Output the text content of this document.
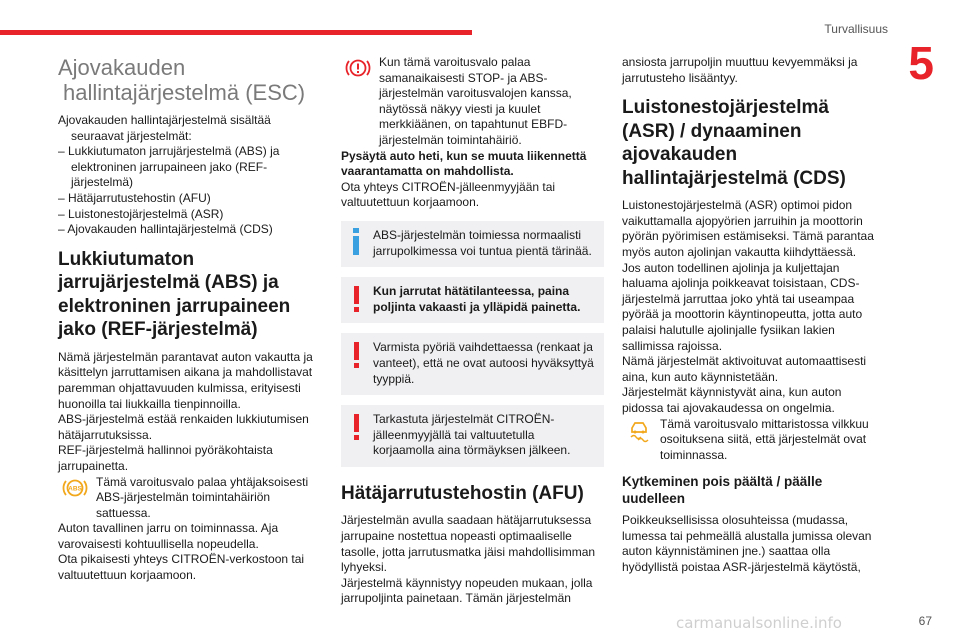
Turvallisuus
5
Ajovakauden
hallintajärjestelmä (ESC)

Ajovakauden hallintajärjestelmä sisältää seuraavat järjestelmät:

– Lukkiutumaton jarrujärjestelmä (ABS) ja elektroninen jarrupaineen jako (REF-järjestelmä)

– Hätäjarrutustehostin (AFU)

– Luistonestojärjestelmä (ASR)

– Ajovakauden hallintajärjestelmä (CDS)

Lukkiutumaton
jarrujärjestelmä (ABS) ja
elektroninen jarrupaineen
jako (REF-järjestelmä)

Nämä järjestelmän parantavat auton vakautta ja käsittelyn jarruttamisen aikana ja mahdollistavat paremman ohjattavuuden kulmissa, erityisesti huonoilla tai liukkailla tienpinnoilla.

ABS-järjestelmä estää renkaiden lukkiutumisen hätäjarrutuksissa.

REF-järjestelmä hallinnoi pyöräkohtaista jarrupainetta.

ABS Tämä varoitusvalo palaa yhtäjaksoisesti ABS-järjestelmän toimintahäiriön sattuessa.

Auton tavallinen jarru on toiminnassa. Aja varovaisesti kohtuullisella nopeudella.

Ota pikaisesti yhteys CITROËN-verkostoon tai valtuutettuun korjaamoon.

Kun tämä varoitusvalo palaa samanaikaisesti STOP- ja ABS-järjestelmän varoitusvalojen kanssa, näytössä näkyy viesti ja kuulet merkkiäänen, on tapahtunut EBFD-järjestelmän toimintahäiriö.

Pysäytä auto heti, kun se muuta liikennettä vaarantamatta on mahdollista.

Ota yhteys CITROËN-jälleenmyyjään tai valtuutettuun korjaamoon.

ABS-järjestelmän toimiessa normaalisti jarrupolkimessa voi tuntua pientä tärinää.
Kun jarrutat hätätilanteessa, paina poljinta vakaasti ja ylläpidä painetta.
Varmista pyöriä vaihdettaessa (renkaat ja vanteet), että ne ovat autoosi hyväksyttyä tyyppiä.
Tarkastuta järjestelmät CITROËN-jälleenmyyjällä tai valtuutetulla korjaamolla aina törmäyksen jälkeen.
Hätäjarrutustehostin (AFU)

Järjestelmän avulla saadaan hätäjarrutuksessa jarrupaine nostettua nopeasti optimaaliselle tasolle, jotta jarrutusmatka jäisi mahdollisimman lyhyeksi.

Järjestelmä käynnistyy nopeuden mukaan, jolla jarrupoljinta painetaan. Tämän järjestelmän

ansiosta jarrupoljin muuttuu kevyemmäksi ja jarrutusteho lisääntyy.

Luistonestojärjestelmä
(ASR) / dynaaminen
ajovakauden
hallintajärjestelmä (CDS)

Luistonestojärjestelmä (ASR) optimoi pidon vaikuttamalla ajopyörien jarruihin ja moottorin pyörän pyörimisen estämiseksi. Tämä parantaa myös auton ajolinjan vakautta kiihdyttäessä.

Jos auton todellinen ajolinja ja kuljettajan haluama ajolinja poikkeavat toisistaan, CDS-järjestelmä jarruttaa joko yhtä tai useampaa pyörää ja moottorin käyntinopeutta, jotta auto palaisi halutulle ajolinjalle fysiikan lakien sallimissa rajoissa.

Nämä järjestelmät aktivoituvat automaattisesti aina, kun auto käynnistetään.

Järjestelmät käynnistyvät aina, kun auton pidossa tai ajovakaudessa on ongelmia.

Tämä varoitusvalo mittaristossa vilkkuu osoituksena siitä, että järjestelmät ovat toiminnassa.
Kytkeminen pois päältä / päälle uudelleen

Poikkeuksellisissa olosuhteissa (mudassa, lumessa tai pehmeällä alustalla jumissa olevan auton käynnistäminen jne.) saattaa olla hyödyllistä poistaa ASR-järjestelmä käytöstä,

carmanualsonline.info	67
